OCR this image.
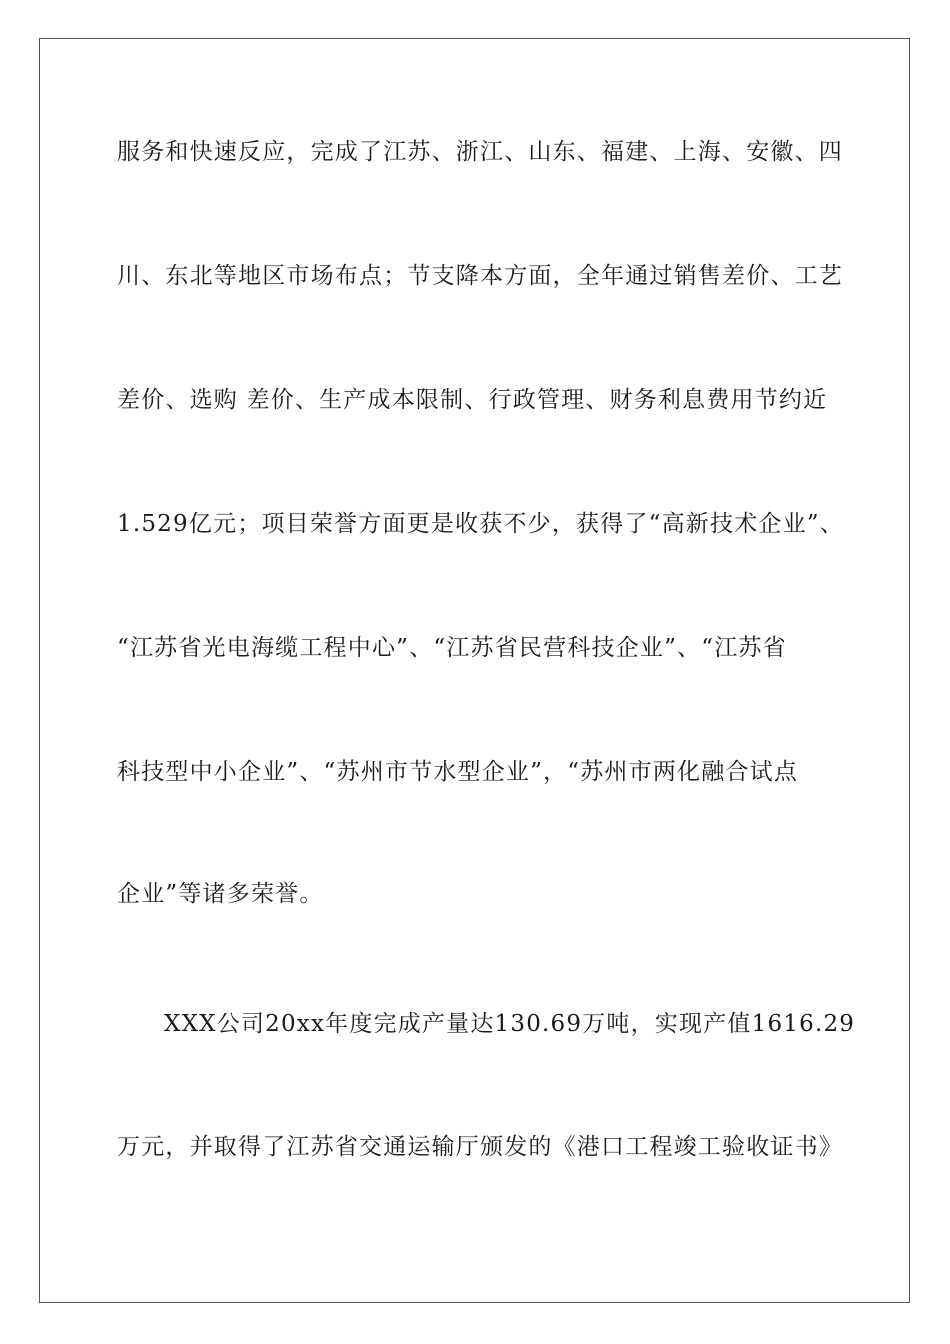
服务和快速反应，完成了江苏、浙江、山东、福建、上海、安徽、四
川、东北等地区市场布点；节支降本方面，全年通过销售差价、工艺
差价、选购 差价、生产成本限制、行政管理、财务利息费用节约近
1.529亿元；项目荣誉方面更是收获不少，获得了“高新技术企业”、
“江苏省光电海缆工程中心”、“江苏省民营科技企业”、“江苏省
科技型中小企业”、“苏州市节水型企业”，“苏州市两化融合试点
企业”等诸多荣誉。
XXX公司20xx年度完成产量达130.69万吨，实现产值1616.29
万元，并取得了江苏省交通运输厅颁发的《港口工程竣工验收证书》
